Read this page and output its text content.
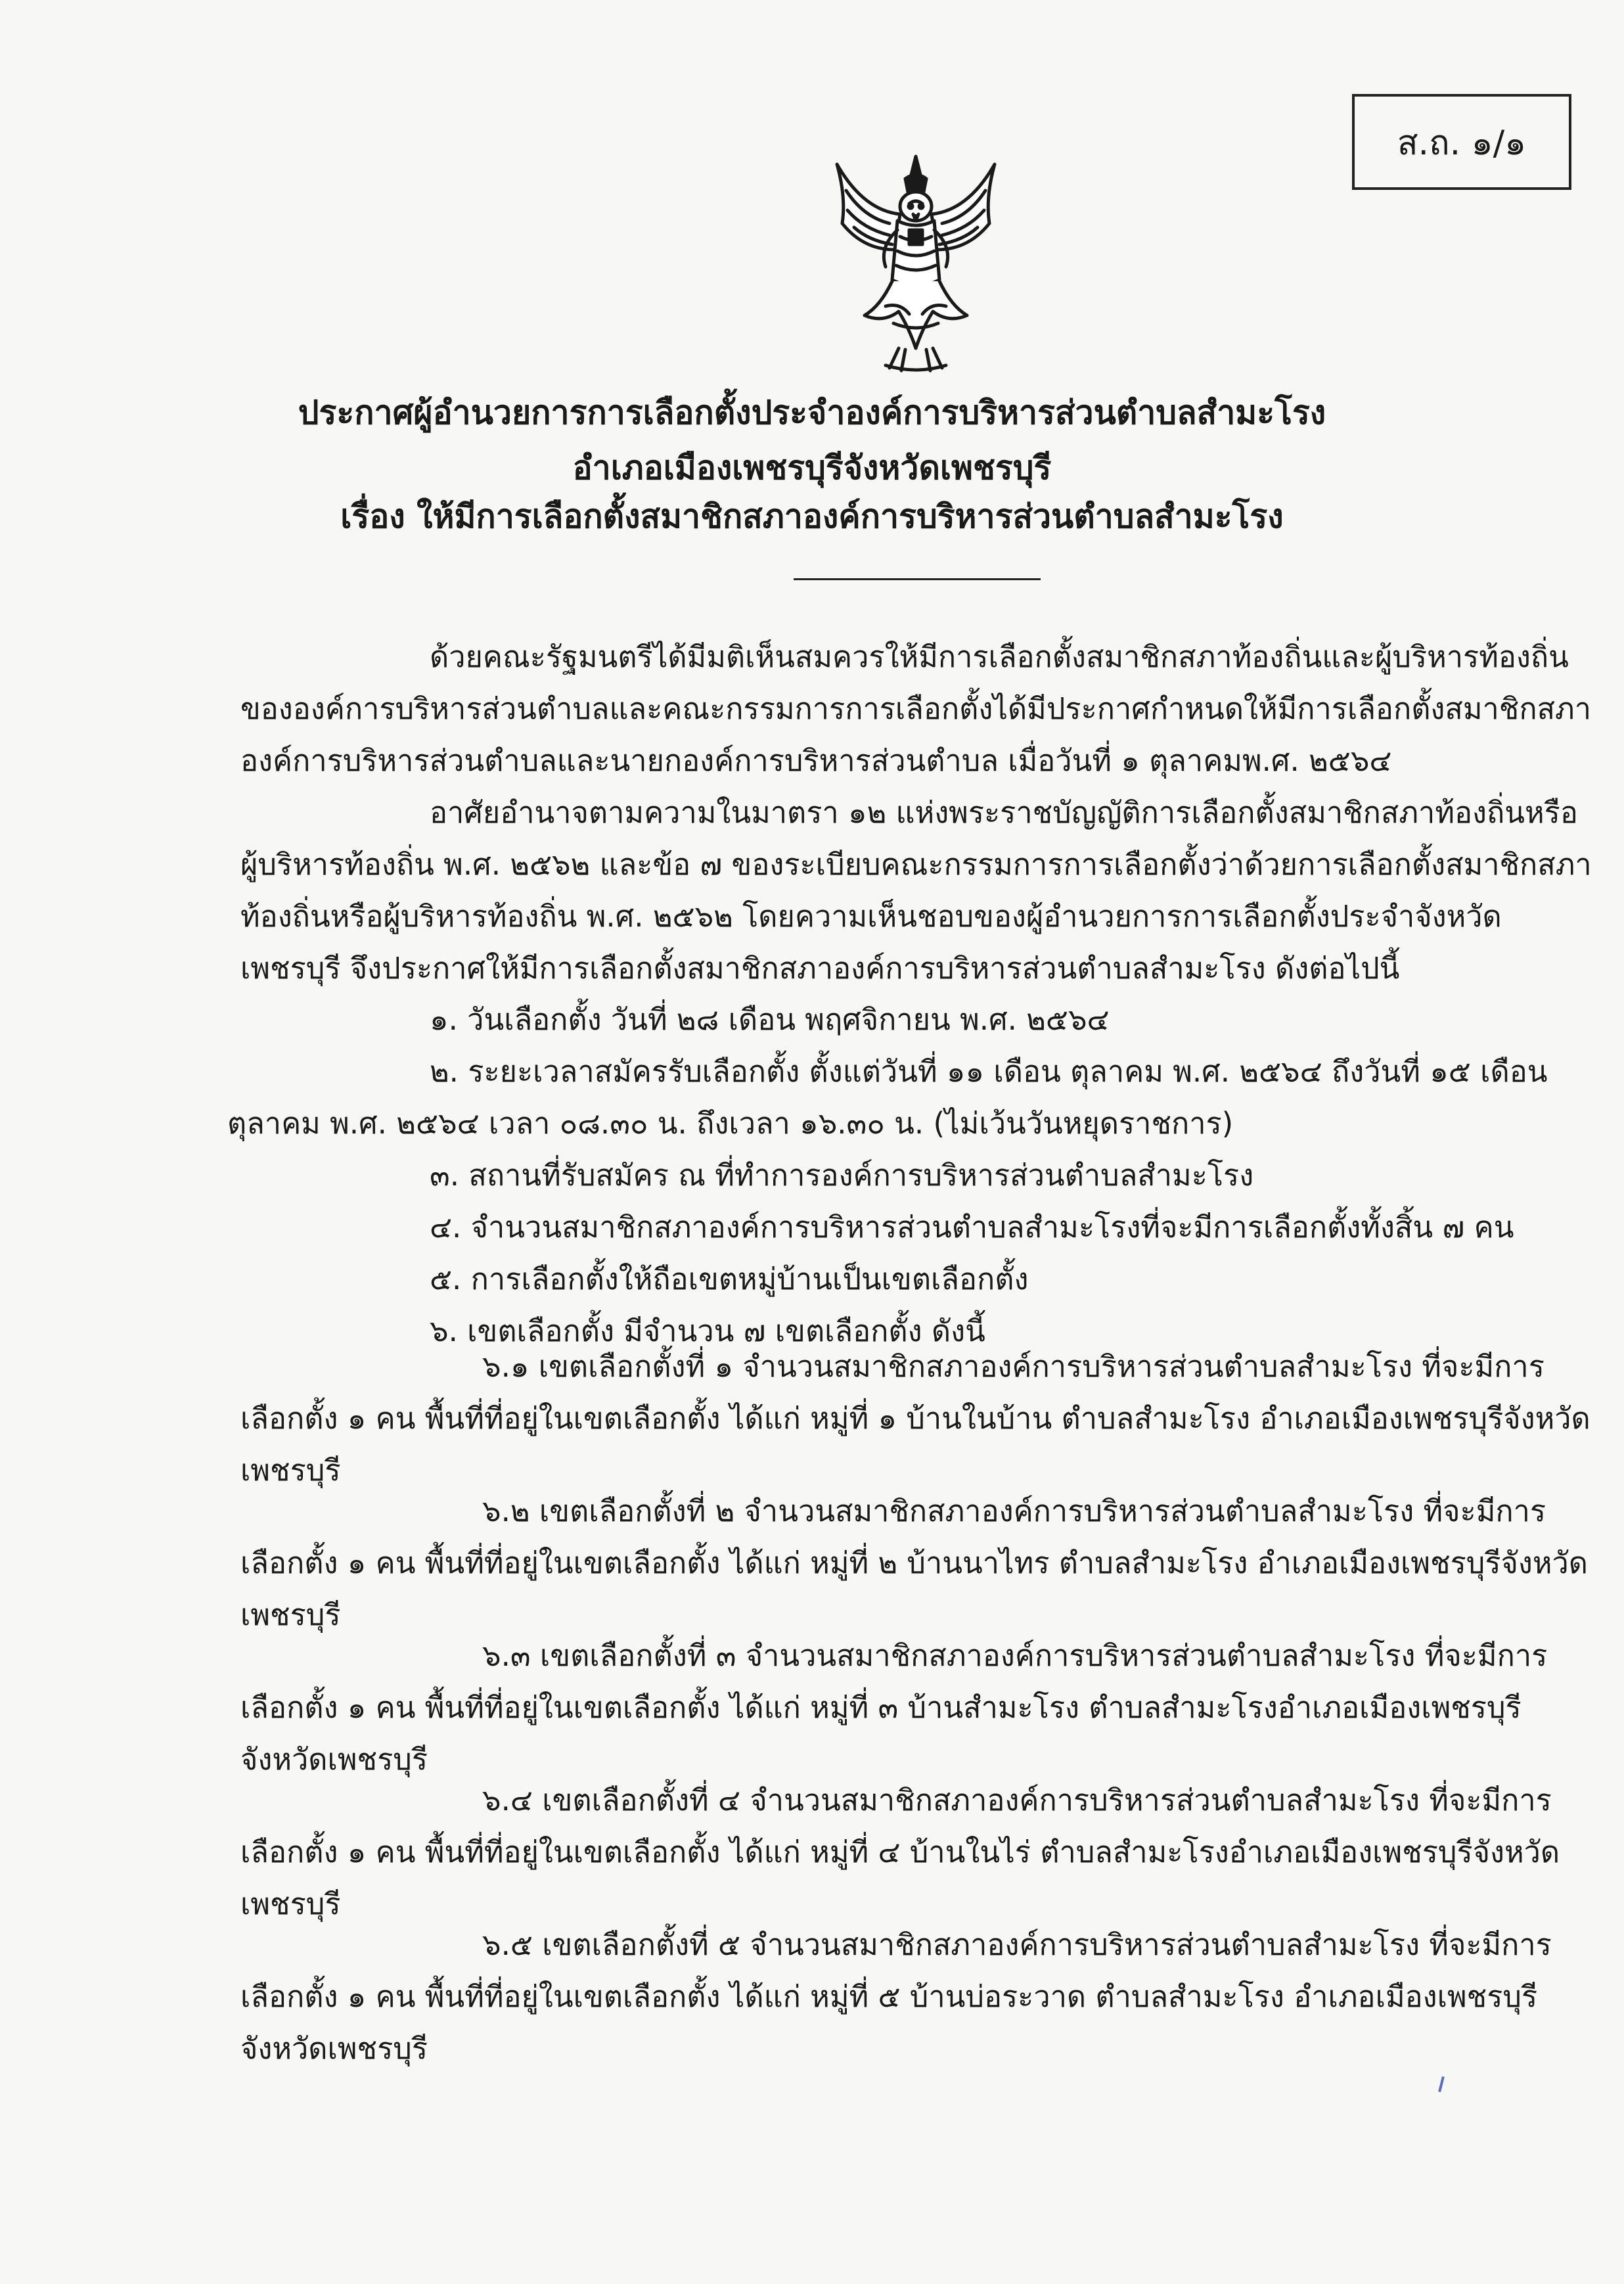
ส.ถ. ๑/๑
ประกาศผู้อำนวยการการเลือกตั้งประจำองค์การบริหารส่วนตำบลสำมะโรง
อำเภอเมืองเพชรบุรีจังหวัดเพชรบุรี
เรื่อง ให้มีการเลือกตั้งสมาชิกสภาองค์การบริหารส่วนตำบลสำมะโรง
ด้วยคณะรัฐมนตรีได้มีมติเห็นสมควรให้มีการเลือกตั้งสมาชิกสภาท้องถิ่นและผู้บริหารท้องถิ่น
ขององค์การบริหารส่วนตำบลและคณะกรรมการการเลือกตั้งได้มีประกาศกำหนดให้มีการเลือกตั้งสมาชิกสภา
องค์การบริหารส่วนตำบลและนายกองค์การบริหารส่วนตำบล เมื่อวันที่ ๑ ตุลาคมพ.ศ. ๒๕๖๔
อาศัยอำนาจตามความในมาตรา ๑๒ แห่งพระราชบัญญัติการเลือกตั้งสมาชิกสภาท้องถิ่นหรือ
ผู้บริหารท้องถิ่น พ.ศ. ๒๕๖๒ และข้อ ๗ ของระเบียบคณะกรรมการการเลือกตั้งว่าด้วยการเลือกตั้งสมาชิกสภา
ท้องถิ่นหรือผู้บริหารท้องถิ่น พ.ศ. ๒๕๖๒ โดยความเห็นชอบของผู้อำนวยการการเลือกตั้งประจำจังหวัด
เพชรบุรี จึงประกาศให้มีการเลือกตั้งสมาชิกสภาองค์การบริหารส่วนตำบลสำมะโรง ดังต่อไปนี้
๑. วันเลือกตั้ง วันที่ ๒๘ เดือน พฤศจิกายน พ.ศ. ๒๕๖๔
๒. ระยะเวลาสมัครรับเลือกตั้ง ตั้งแต่วันที่ ๑๑ เดือน ตุลาคม พ.ศ. ๒๕๖๔ ถึงวันที่ ๑๕ เดือน
ตุลาคม พ.ศ. ๒๕๖๔ เวลา ๐๘.๓๐ น. ถึงเวลา ๑๖.๓๐ น. (ไม่เว้นวันหยุดราชการ)
๓. สถานที่รับสมัคร ณ ที่ทำการองค์การบริหารส่วนตำบลสำมะโรง
๔. จำนวนสมาชิกสภาองค์การบริหารส่วนตำบลสำมะโรงที่จะมีการเลือกตั้งทั้งสิ้น ๗ คน
๕. การเลือกตั้งให้ถือเขตหมู่บ้านเป็นเขตเลือกตั้ง
๖. เขตเลือกตั้ง มีจำนวน ๗ เขตเลือกตั้ง ดังนี้
๖.๑ เขตเลือกตั้งที่ ๑ จำนวนสมาชิกสภาองค์การบริหารส่วนตำบลสำมะโรง ที่จะมีการ
เลือกตั้ง ๑ คน พื้นที่ที่อยู่ในเขตเลือกตั้ง ได้แก่ หมู่ที่ ๑ บ้านในบ้าน ตำบลสำมะโรง อำเภอเมืองเพชรบุรีจังหวัด
เพชรบุรี
๖.๒ เขตเลือกตั้งที่ ๒ จำนวนสมาชิกสภาองค์การบริหารส่วนตำบลสำมะโรง ที่จะมีการ
เลือกตั้ง ๑ คน พื้นที่ที่อยู่ในเขตเลือกตั้ง ได้แก่ หมู่ที่ ๒ บ้านนาไทร ตำบลสำมะโรง อำเภอเมืองเพชรบุรีจังหวัด
เพชรบุรี
๖.๓ เขตเลือกตั้งที่ ๓ จำนวนสมาชิกสภาองค์การบริหารส่วนตำบลสำมะโรง ที่จะมีการ
เลือกตั้ง ๑ คน พื้นที่ที่อยู่ในเขตเลือกตั้ง ได้แก่ หมู่ที่ ๓ บ้านสำมะโรง ตำบลสำมะโรงอำเภอเมืองเพชรบุรี
จังหวัดเพชรบุรี
๖.๔ เขตเลือกตั้งที่ ๔ จำนวนสมาชิกสภาองค์การบริหารส่วนตำบลสำมะโรง ที่จะมีการ
เลือกตั้ง ๑ คน พื้นที่ที่อยู่ในเขตเลือกตั้ง ได้แก่ หมู่ที่ ๔ บ้านในไร่ ตำบลสำมะโรงอำเภอเมืองเพชรบุรีจังหวัด
เพชรบุรี
๖.๕ เขตเลือกตั้งที่ ๕ จำนวนสมาชิกสภาองค์การบริหารส่วนตำบลสำมะโรง ที่จะมีการ
เลือกตั้ง ๑ คน พื้นที่ที่อยู่ในเขตเลือกตั้ง ได้แก่ หมู่ที่ ๕ บ้านบ่อระวาด ตำบลสำมะโรง อำเภอเมืองเพชรบุรี
จังหวัดเพชรบุรี
